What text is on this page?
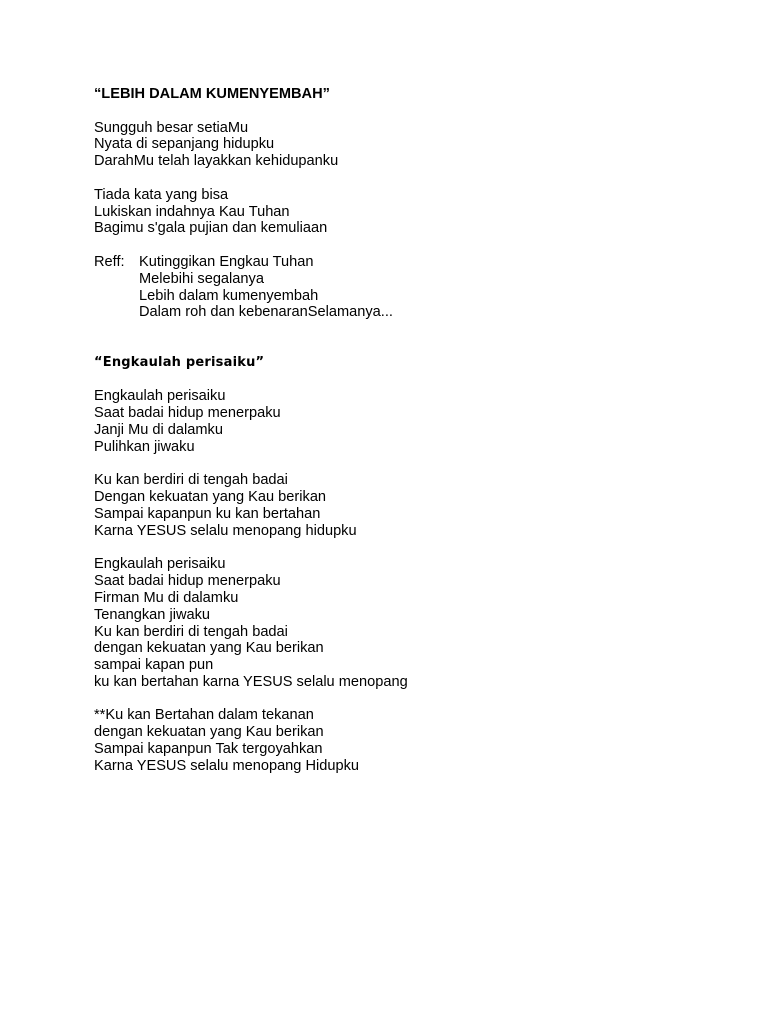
“LEBIH DALAM KUMENYEMBAH”
Sungguh besar setiaMu
Nyata di sepanjang hidupku
DarahMu telah layakkan kehidupanku
Tiada kata yang bisa
Lukiskan indahnya Kau Tuhan
Bagimu s'gala pujian dan kemuliaan
Reff: Kutinggikan Engkau Tuhan
Melebihi segalanya
Lebih dalam kumenyembah
Dalam roh dan kebenaranSelamanya...
“Engkaulah perisaiku”
Engkaulah perisaiku
Saat badai hidup menerpaku
Janji Mu di dalamku
Pulihkan jiwaku
Ku kan berdiri di tengah badai
Dengan kekuatan yang Kau berikan
Sampai kapanpun ku kan bertahan
Karna YESUS selalu menopang hidupku
Engkaulah perisaiku
Saat badai hidup menerpaku
Firman Mu di dalamku
Tenangkan jiwaku
Ku kan berdiri di tengah badai
dengan kekuatan yang Kau berikan
sampai kapan pun
ku kan bertahan karna YESUS selalu menopang
**Ku kan Bertahan dalam tekanan
dengan kekuatan yang Kau berikan
Sampai kapanpun Tak tergoyahkan
Karna YESUS selalu menopang Hidupku
